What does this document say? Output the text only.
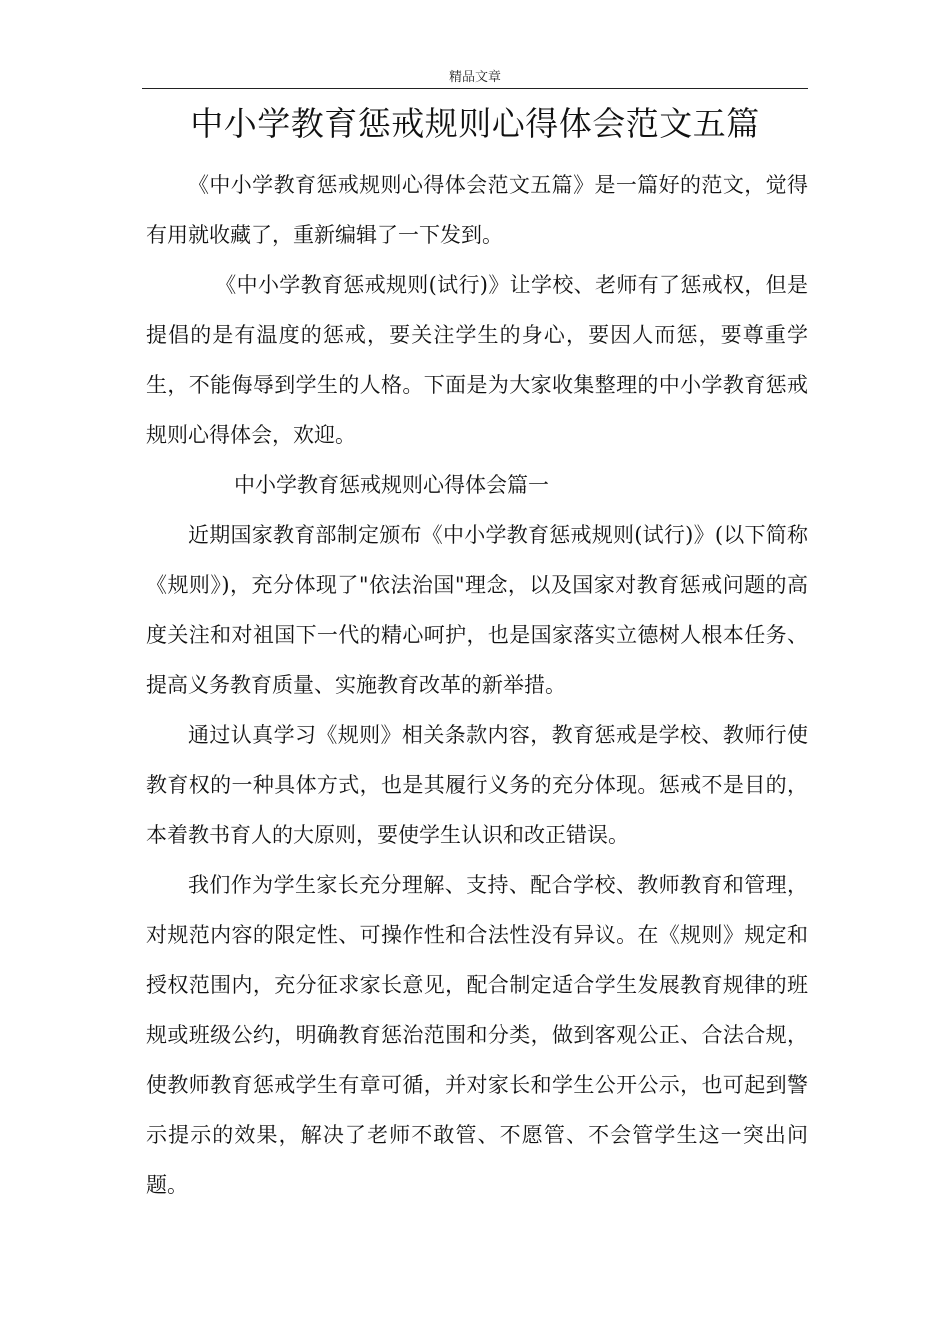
精品文章
中小学教育惩戒规则心得体会范文五篇

《中小学教育惩戒规则心得体会范文五篇》是一篇好的范文，觉得有用就收藏了，重新编辑了一下发到。

《中小学教育惩戒规则(试行)》让学校、老师有了惩戒权，但是提倡的是有温度的惩戒，要关注学生的身心，要因人而惩，要尊重学生，不能侮辱到学生的人格。下面是为大家收集整理的中小学教育惩戒规则心得体会，欢迎。

中小学教育惩戒规则心得体会篇一

近期国家教育部制定颁布《中小学教育惩戒规则(试行)》(以下简称《规则》)，充分体现了"依法治国"理念，以及国家对教育惩戒问题的高度关注和对祖国下一代的精心呵护，也是国家落实立德树人根本任务、提高义务教育质量、实施教育改革的新举措。

通过认真学习《规则》相关条款内容，教育惩戒是学校、教师行使教育权的一种具体方式，也是其履行义务的充分体现。惩戒不是目的，本着教书育人的大原则，要使学生认识和改正错误。

我们作为学生家长充分理解、支持、配合学校、教师教育和管理，对规范内容的限定性、可操作性和合法性没有异议。在《规则》规定和授权范围内，充分征求家长意见，配合制定适合学生发展教育规律的班规或班级公约，明确教育惩治范围和分类，做到客观公正、合法合规，使教师教育惩戒学生有章可循，并对家长和学生公开公示，也可起到警示提示的效果，解决了老师不敢管、不愿管、不会管学生这一突出问题。
